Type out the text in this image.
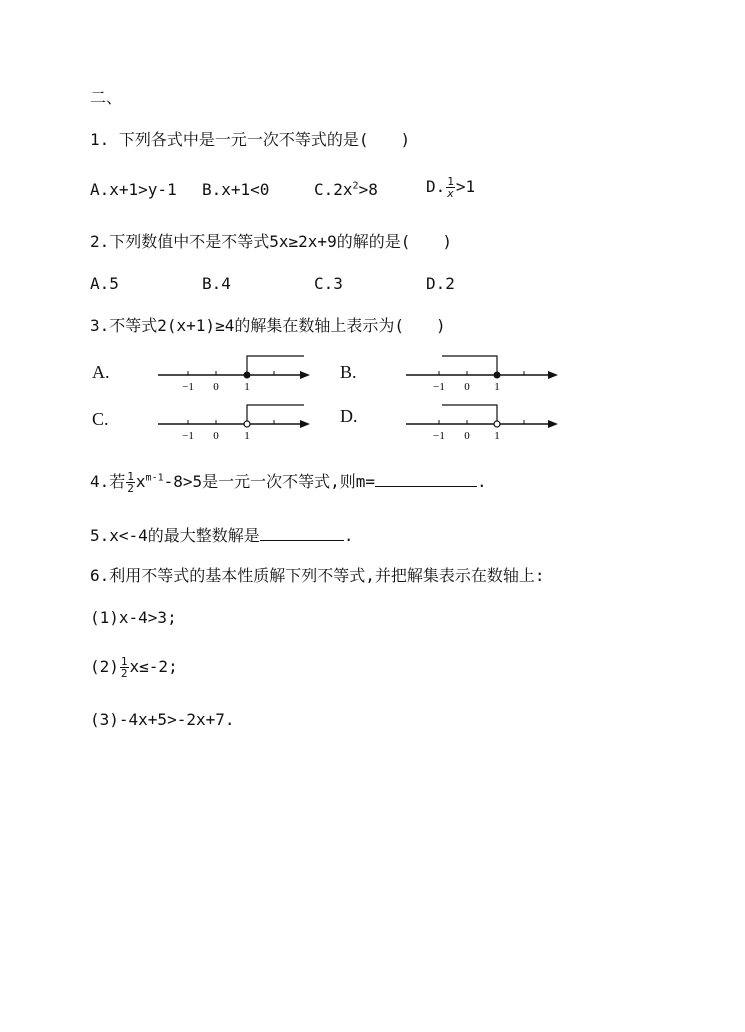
二、
1. 下列各式中是一元一次不等式的是(　　)
A.x+1>y-1 B.x+1<0	$C.2x^2>8$	D. $\frac{1}{x} >1$
2.下列数值中不是不等式5x≥2x+9的解的是(　　)
A.5	B.4	C.3	D.2
3.不等式2(x+1)≥4的解集在数轴上表示为(　　)
A.
−1 0 1
B.
−1 0 1
C.
−1 0 1
D.
−1 0 1
4.若 $\frac{1}{2} x^{m-1}-8>5$是一元一次不等式,则m=	.
5.x<-4的最大整数解是	.
6.利用不等式的基本性质解下列不等式,并把解集表示在数轴上:
(1)x-4>3;
$(2) \frac{1}{2} x\le-2$;
(3)-4x+5>-2x+7.
